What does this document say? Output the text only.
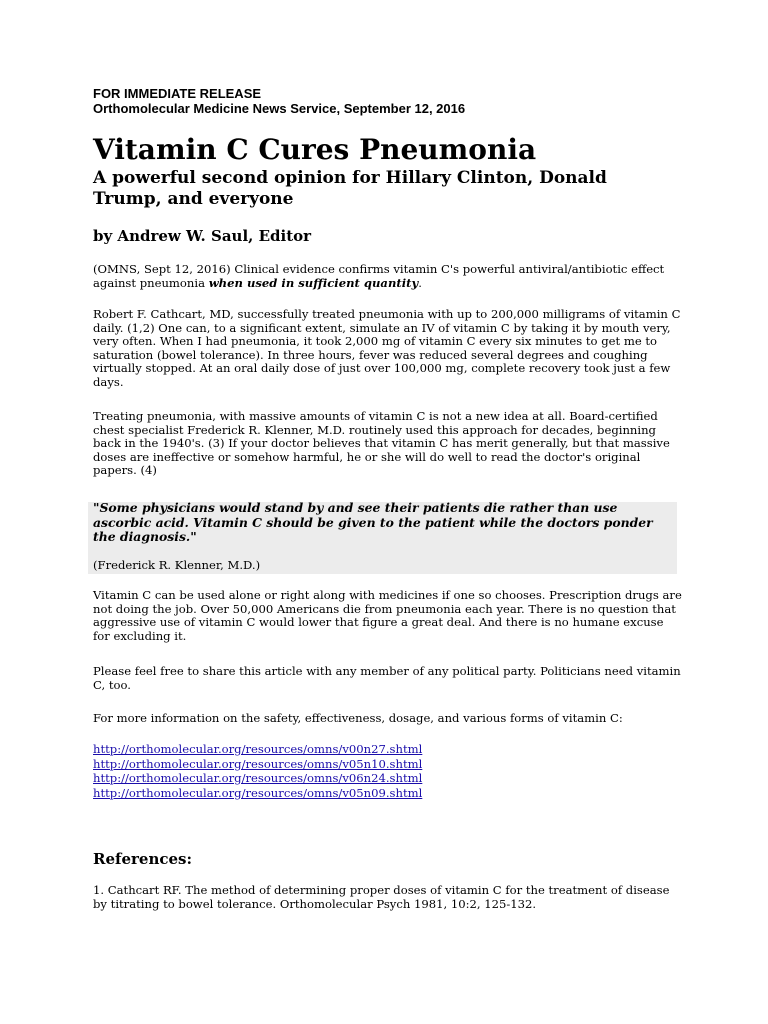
FOR IMMEDIATE RELEASE
Orthomolecular Medicine News Service, September 12, 2016
Vitamin C Cures Pneumonia
A powerful second opinion for Hillary Clinton, Donald Trump, and everyone
by Andrew W. Saul, Editor

(OMNS, Sept 12, 2016) Clinical evidence confirms vitamin C's powerful antiviral/antibiotic effect against pneumonia when used in sufficient quantity.

Robert F. Cathcart, MD, successfully treated pneumonia with up to 200,000 milligrams of vitamin C daily. (1,2) One can, to a significant extent, simulate an IV of vitamin C by taking it by mouth very, very often. When I had pneumonia, it took 2,000 mg of vitamin C every six minutes to get me to saturation (bowel tolerance). In three hours, fever was reduced several degrees and coughing virtually stopped. At an oral daily dose of just over 100,000 mg, complete recovery took just a few days.

Treating pneumonia, with massive amounts of vitamin C is not a new idea at all. Board-certified chest specialist Frederick R. Klenner, M.D. routinely used this approach for decades, beginning back in the 1940's. (3) If your doctor believes that vitamin C has merit generally, but that massive doses are ineffective or somehow harmful, he or she will do well to read the doctor's original papers. (4)

"Some physicians would stand by and see their patients die rather than use ascorbic acid. Vitamin C should be given to the patient while the doctors ponder the diagnosis."

(Frederick R. Klenner, M.D.)

Vitamin C can be used alone or right along with medicines if one so chooses. Prescription drugs are not doing the job. Over 50,000 Americans die from pneumonia each year. There is no question that aggressive use of vitamin C would lower that figure a great deal. And there is no humane excuse for excluding it.

Please feel free to share this article with any member of any political party. Politicians need vitamin C, too.

For more information on the safety, effectiveness, dosage, and various forms of vitamin C:

http://orthomolecular.org/resources/omns/v00n27.shtml
http://orthomolecular.org/resources/omns/v05n10.shtml
http://orthomolecular.org/resources/omns/v06n24.shtml
http://orthomolecular.org/resources/omns/v05n09.shtml
References:

1. Cathcart RF. The method of determining proper doses of vitamin C for the treatment of disease by titrating to bowel tolerance. Orthomolecular Psych 1981, 10:2, 125-132.
